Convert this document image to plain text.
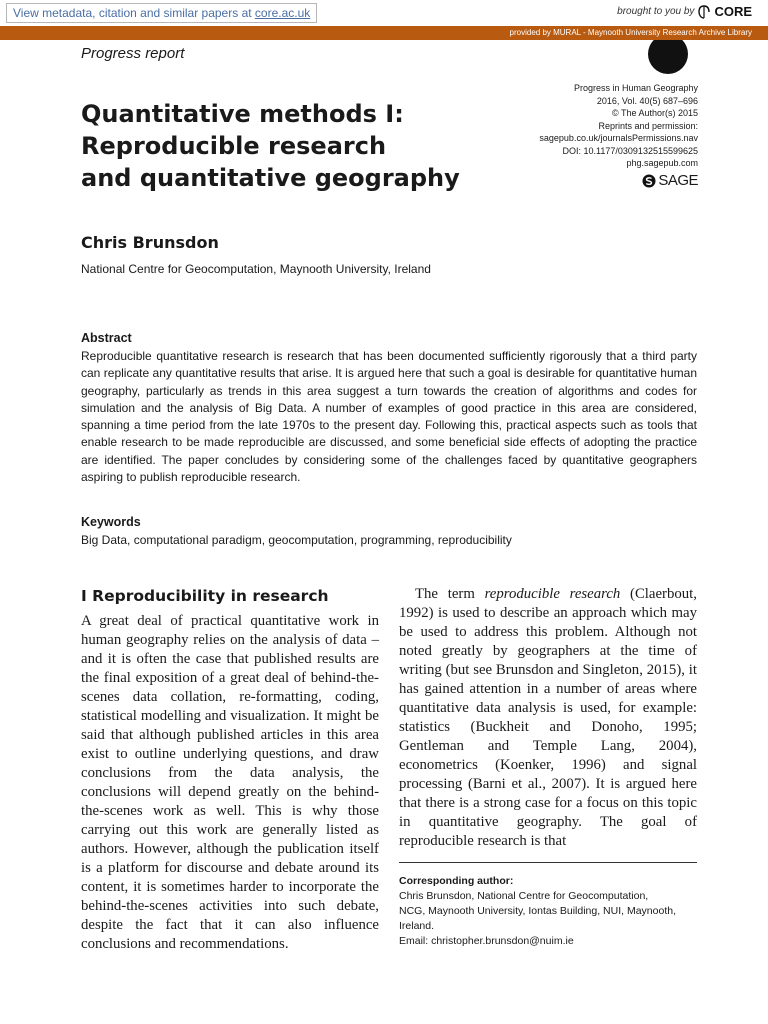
View metadata, citation and similar papers at core.ac.uk	brought to you by CORE
provided by MURAL - Maynooth University Research Archive Library
Progress report
Progress in Human Geography
2016, Vol. 40(5) 687–696
© The Author(s) 2015
Reprints and permission:
sagepub.co.uk/journalsPermissions.nav
DOI: 10.1177/0309132515599625
phg.sagepub.com
SAGE
Quantitative methods I:
Reproducible research
and quantitative geography
Chris Brunsdon
National Centre for Geocomputation, Maynooth University, Ireland
Abstract

Reproducible quantitative research is research that has been documented sufficiently rigorously that a third party can replicate any quantitative results that arise. It is argued here that such a goal is desirable for quantitative human geography, particularly as trends in this area suggest a turn towards the creation of algorithms and codes for simulation and the analysis of Big Data. A number of examples of good practice in this area are considered, spanning a time period from the late 1970s to the present day. Following this, practical aspects such as tools that enable research to be made reproducible are discussed, and some beneficial side effects of adopting the practice are identified. The paper concludes by considering some of the challenges faced by quantitative geographers aspiring to publish reproducible research.

Keywords
Big Data, computational paradigm, geocomputation, programming, reproducibility
I Reproducibility in research

A great deal of practical quantitative work in human geography relies on the analysis of data – and it is often the case that published results are the final exposition of a great deal of behind-the-scenes data collation, re-formatting, coding, statistical modelling and visualization. It might be said that although published articles in this area exist to outline underlying questions, and draw conclusions from the data analysis, the conclusions will depend greatly on the behind-the-scenes work as well. This is why those carrying out this work are generally listed as authors. However, although the publication itself is a platform for discourse and debate around its content, it is sometimes harder to incorporate the behind-the-scenes activities into such debate, despite the fact that it can also influence conclusions and recommendations.

The term reproducible research (Claerbout, 1992) is used to describe an approach which may be used to address this problem. Although not noted greatly by geographers at the time of writing (but see Brunsdon and Singleton, 2015), it has gained attention in a number of areas where quantitative data analysis is used, for example: statistics (Buckheit and Donoho, 1995; Gentleman and Temple Lang, 2004), econometrics (Koenker, 1996) and signal processing (Barni et al., 2007). It is argued here that there is a strong case for a focus on this topic in quantitative geography. The goal of reproducible research is that

Corresponding author:
Chris Brunsdon, National Centre for Geocomputation,
NCG, Maynooth University, Iontas Building, NUI, Maynooth,
Ireland.
Email: christopher.brunsdon@nuim.ie
